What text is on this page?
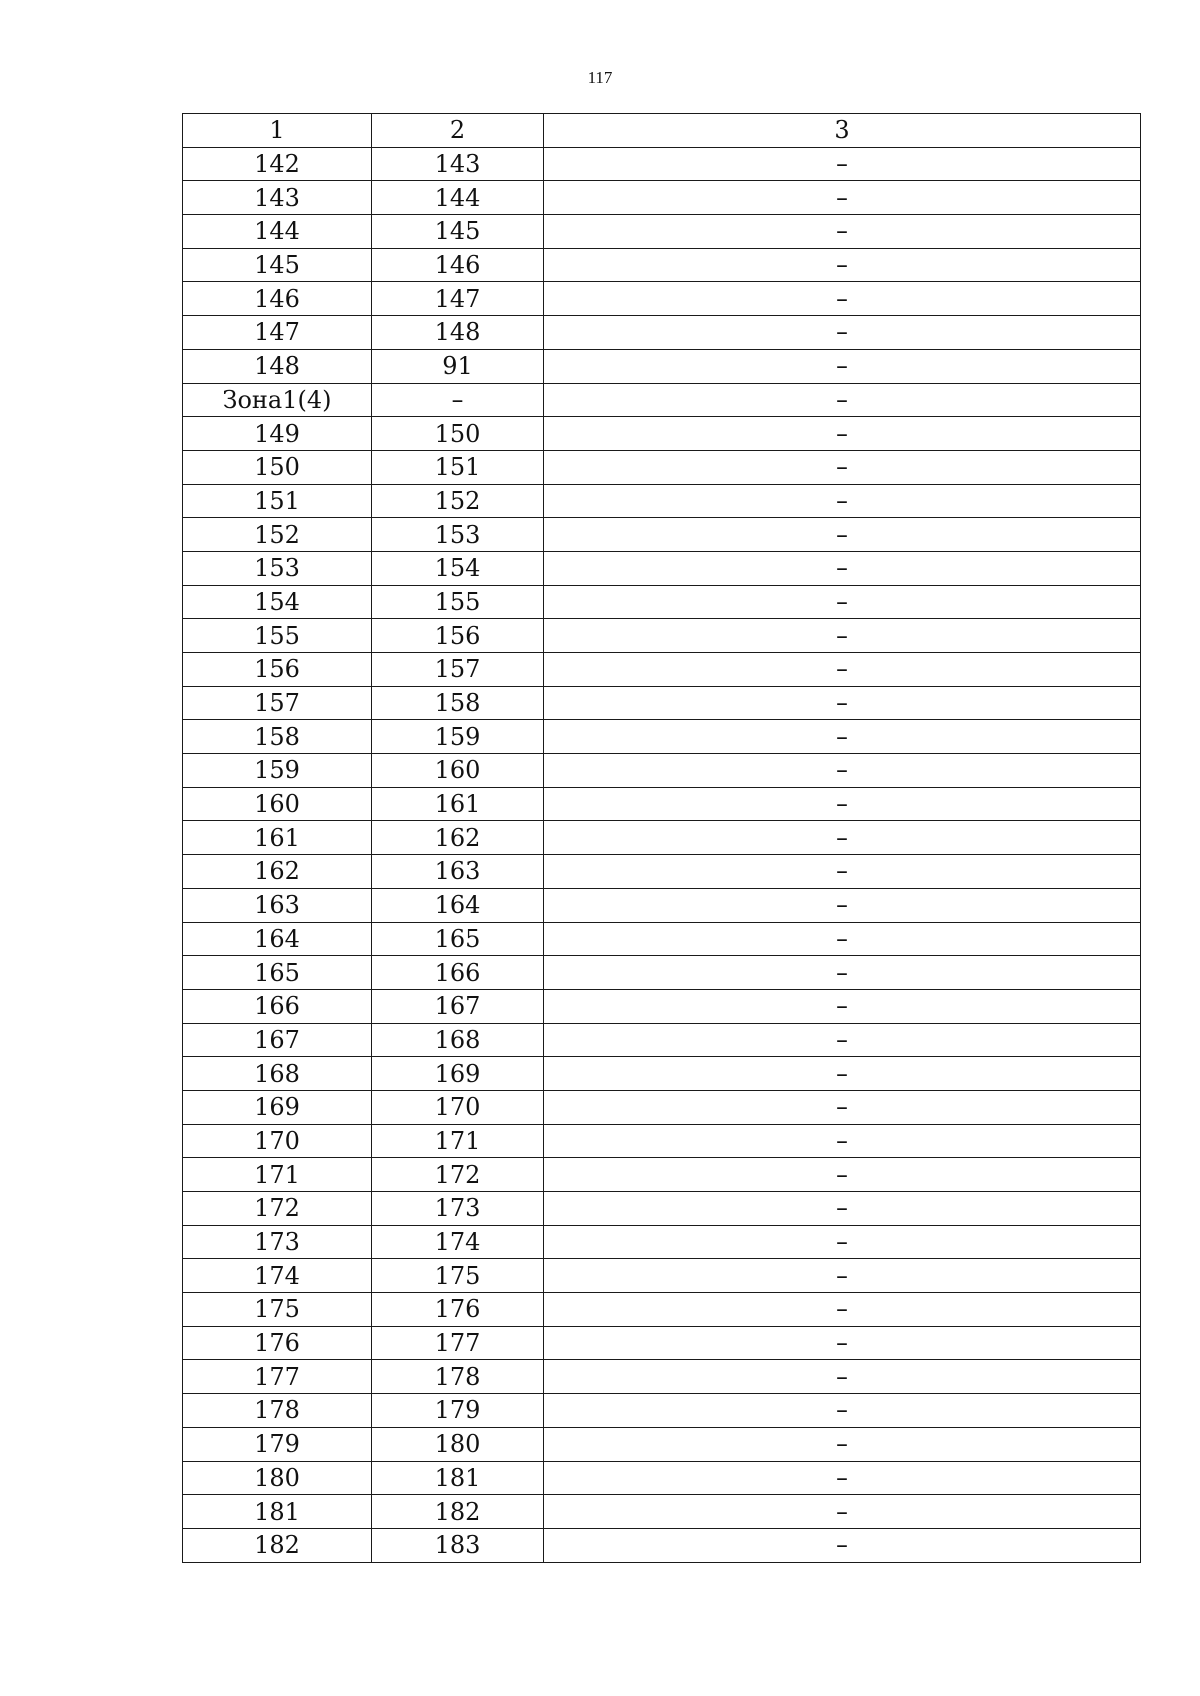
117
1	2	3
142	143	–
143	144	–
144	145	–
145	146	–
146	147	–
147	148	–
148	91	–
Зона1(4)	–	–
149	150	–
150	151	–
151	152	–
152	153	–
153	154	–
154	155	–
155	156	–
156	157	–
157	158	–
158	159	–
159	160	–
160	161	–
161	162	–
162	163	–
163	164	–
164	165	–
165	166	–
166	167	–
167	168	–
168	169	–
169	170	–
170	171	–
171	172	–
172	173	–
173	174	–
174	175	–
175	176	–
176	177	–
177	178	–
178	179	–
179	180	–
180	181	–
181	182	–
182	183	–
